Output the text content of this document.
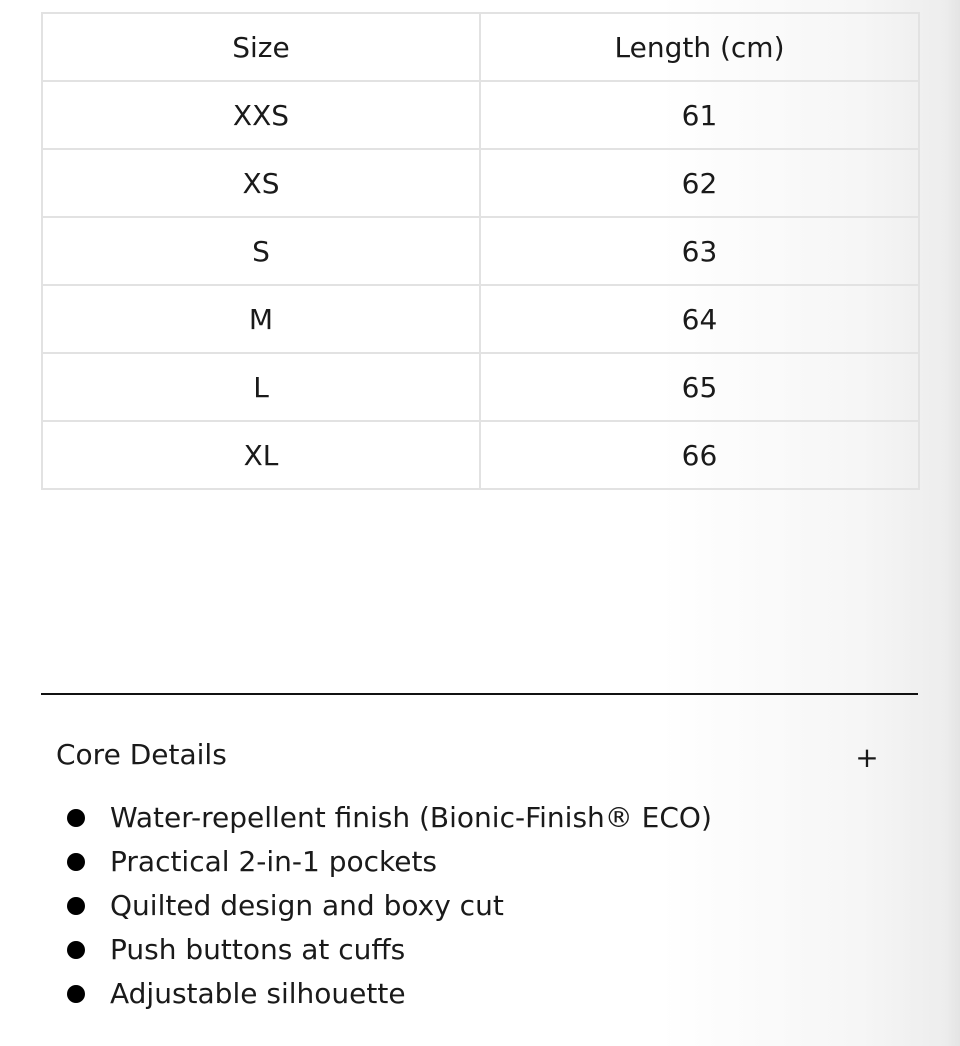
Size	Length (cm)
XXS	61
XS	62
S	63
M	64
L	65
XL	66
Core Details	+
Water-repellent finish (Bionic-Finish® ECO)
Practical 2-in-1 pockets
Quilted design and boxy cut
Push buttons at cuffs
Adjustable silhouette
